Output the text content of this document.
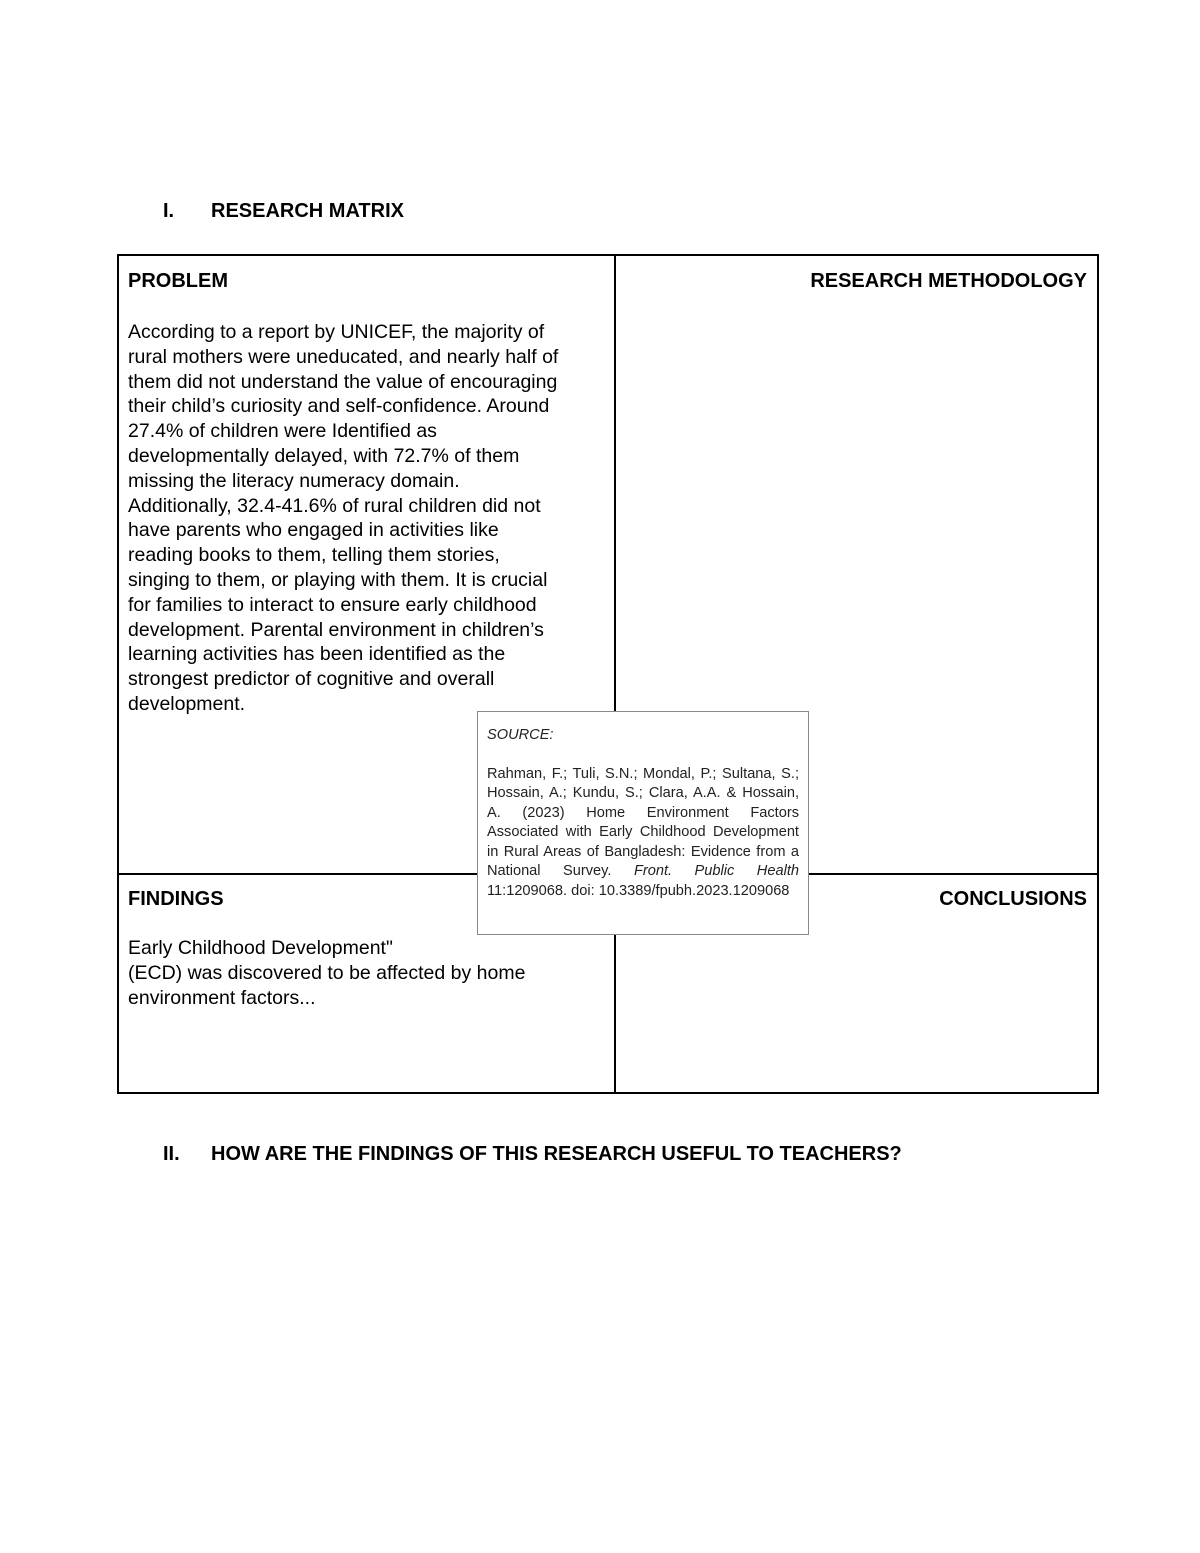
I. RESEARCH MATRIX
PROBLEM
According to a report by UNICEF, the majority of
rural mothers were uneducated, and nearly half of
them did not understand the value of encouraging
their child’s curiosity and self-confidence. Around
27.4% of children were Identified as
developmentally delayed, with 72.7% of them
missing the literacy numeracy domain.
Additionally, 32.4-41.6% of rural children did not
have parents who engaged in activities like
reading books to them, telling them stories,
singing to them, or playing with them. It is crucial
for families to interact to ensure early childhood
development. Parental environment in children’s
learning activities has been identified as the
strongest predictor of cognitive and overall
development.
RESEARCH METHODOLOGY
FINDINGS
Early Childhood Development"
(ECD) was discovered to be affected by home
environment factors...
CONCLUSIONS
SOURCE:
Rahman, F.; Tuli, S.N.; Mondal, P.; Sultana, S.; Hossain, A.; Kundu, S.; Clara, A.A. & Hossain, A. (2023) Home Environment Factors Associated with Early Childhood Development in Rural Areas of Bangladesh: Evidence from a National Survey. Front. Public Health 11:1209068. doi: 10.3389/fpubh.2023.1209068
II. HOW ARE THE FINDINGS OF THIS RESEARCH USEFUL TO TEACHERS?
